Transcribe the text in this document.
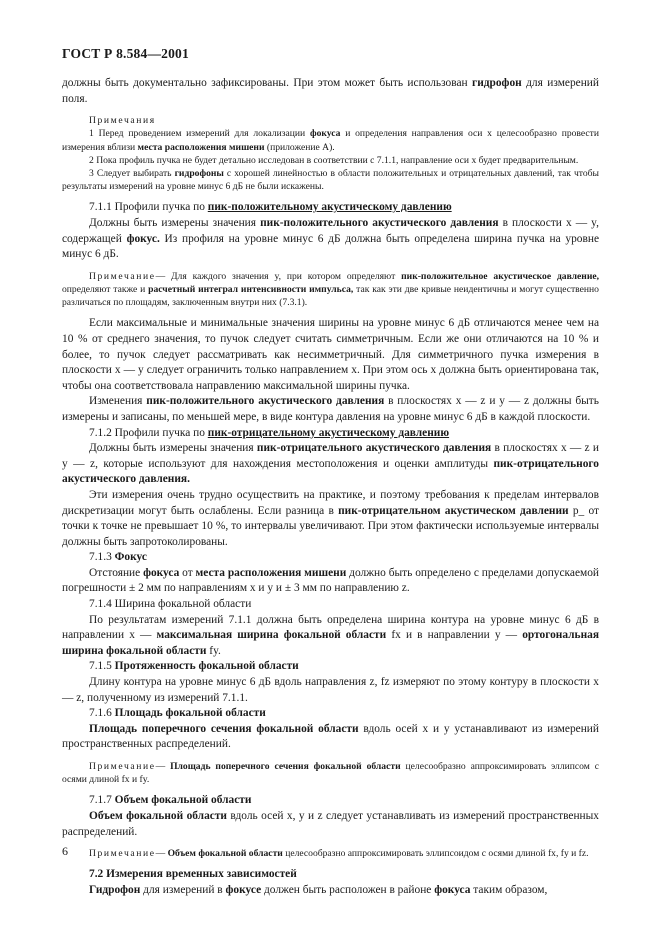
ГОСТ Р 8.584—2001

должны быть документально зафиксированы. При этом может быть использован гидрофон для измерений поля.

Примечания

1 Перед проведением измерений для локализации фокуса и определения направления оси x целесообразно провести измерения вблизи места расположения мишени (приложение А).

2 Пока профиль пучка не будет детально исследован в соответствии с 7.1.1, направление оси x будет предварительным.

3 Следует выбирать гидрофоны с хорошей линейностью в области положительных и отрицательных давлений, так чтобы результаты измерений на уровне минус 6 дБ не были искажены.

7.1.1 Профили пучка по пик-положительному акустическому давлению

Должны быть измерены значения пик-положительного акустического давления в плоскости x — y, содержащей фокус. Из профиля на уровне минус 6 дБ должна быть определена ширина пучка на уровне минус 6 дБ.

Примечание— Для каждого значения y, при котором определяют пик-положительное акустическое давление, определяют также и расчетный интеграл интенсивности импульса, так как эти две кривые неидентичны и могут существенно различаться по площадям, заключенным внутри них (7.3.1).

Если максимальные и минимальные значения ширины на уровне минус 6 дБ отличаются менее чем на 10 % от среднего значения, то пучок следует считать симметричным. Если же они отличаются на 10 % и более, то пучок следует рассматривать как несимметричный. Для симметричного пучка измерения в плоскости x — y следует ограничить только направлением x. При этом ось x должна быть ориентирована так, чтобы она соответствовала направлению максимальной ширины пучка.

Изменения пик-положительного акустического давления в плоскостях x — z и y — z должны быть измерены и записаны, по меньшей мере, в виде контура давления на уровне минус 6 дБ в каждой плоскости.

7.1.2 Профили пучка по пик-отрицательному акустическому давлению

Должны быть измерены значения пик-отрицательного акустического давления в плоскостях x — z и y — z, которые используют для нахождения местоположения и оценки амплитуды пик-отрицательного акустического давления.

Эти измерения очень трудно осуществить на практике, и поэтому требования к пределам интервалов дискретизации могут быть ослаблены. Если разница в пик-отрицательном акустическом давлении p_ от точки к точке не превышает 10 %, то интервалы увеличивают. При этом фактически используемые интервалы должны быть запротоколированы.

7.1.3 Фокус

Отстояние фокуса от места расположения мишени должно быть определено с пределами допускаемой погрешности ± 2 мм по направлениям x и y и ± 3 мм по направлению z.

7.1.4 Ширина фокальной области

По результатам измерений 7.1.1 должна быть определена ширина контура на уровне минус 6 дБ в направлении x — максимальная ширина фокальной области fx и в направлении y — ортогональная ширина фокальной области fy.

7.1.5 Протяженность фокальной области

Длину контура на уровне минус 6 дБ вдоль направления z, fz измеряют по этому контуру в плоскости x — z, полученному из измерений 7.1.1.

7.1.6 Площадь фокальной области

Площадь поперечного сечения фокальной области вдоль осей x и y устанавливают из измерений пространственных распределений.

Примечание— Площадь поперечного сечения фокальной области целесообразно аппроксимировать эллипсом с осями длиной fx и fy.

7.1.7 Объем фокальной области

Объем фокальной области вдоль осей x, y и z следует устанавливать из измерений пространственных распределений.

Примечание— Объем фокальной области целесообразно аппроксимировать эллипсоидом с осями длиной fx, fy и fz.

7.2 Измерения временных зависимостей

Гидрофон для измерений в фокусе должен быть расположен в районе фокуса таким образом,

6
